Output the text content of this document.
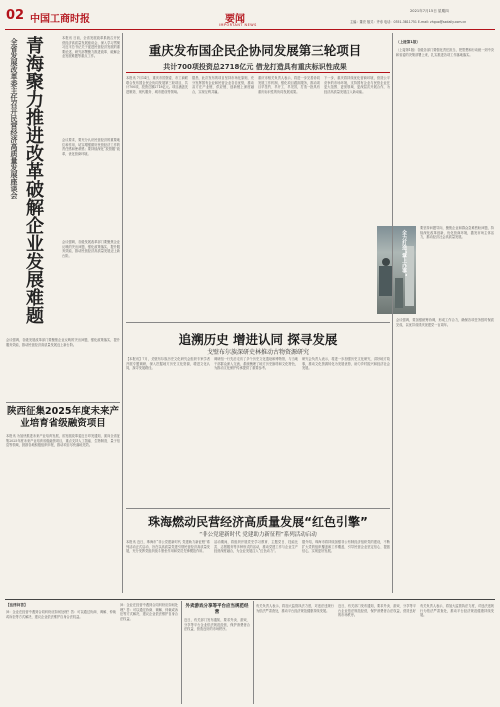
02 中国工商时报	要闻
IMPORTANT NEWS
2021年7月15日 星期四
主编：董亮 版式：齐寿 电话：0351-3811751 E-mail: zhguo@sxdaily.com.cn
全省发展改革委主任召开民营经济高质量发展座谈会 青海聚力推进改革破解企业发展难题	本报讯 日前，全省发展改革系统召开民营经济高质量发展座谈会，深入学习贯彻习近平总书记关于促进民营经济发展的重要论述，研究部署聚力推进改革、破解企业发展难题等重点工作。
会议要求，要充分认识民营经济的重要地位和作用，切实增强做好民营经济工作的责任感和使命感；要持续深化“放管服”改革，优化营商环境。
会议强调，各级发展改革部门要聚焦企业反映的突出问题，强化政策落实，提升服务效能，推动民营经济高质量发展迈上新台阶。
会议强调，各级发展改革部门要聚焦企业反映的突出问题，强化政策落实，提升服务效能，推动民营经济高质量发展迈上新台阶。
陕西征集2025年度未来产业培育省级融资项目
本报讯 为加快推进未来产业培育发展，省发展改革委近日印发通知，面向全省征集2025年度未来产业培育省级融资项目，重点支持人工智能、生物制造、量子信息等领域，鼓励各地积极组织申报，推动项目尽快落地见效。
重庆发布国企民企协同发展第三轮项目
共计700项投资总2718亿元 借龙打造具有重庆标识性成果
本报讯 7月14日，重庆市国资委、市工商联联合发布国企民企协同发展第三轮项目，共计700项，投资总额2718亿元。项目涵盖先进制造、现代服务、城市建设等领域。
据悉，此次发布的项目坚持市场化原则，充分发挥国有企业和民营企业各自优势，推动双方在产业链、供应链、创新链上深度融合，实现互利共赢。
重庆市相关负责人表示，将进一步完善协同发展工作机制，强化项目跟踪服务，推动项目早签约、早开工、早见效，打造一批具有重庆标识性的协同发展成果。
下一步，重庆将持续优化营商环境，营造公平竞争的市场环境，支持国有企业与民营企业在更大范围、更宽领域、更深层次开展合作，为经济高质量发展注入新动能。
全力打造“掌上办事”
（上接第1版）
（上接第1版）各级各部门要强化责任担当，把思想和行动统一到中央和省委的决策部署上来，扎实推进各项工作落地落实。
要坚持问题导向，聚焦企业和群众急难愁盼问题，持续深化改革创新，优化营商环境，激发市场主体活力，推动经济社会高质量发展。
会议强调，要加强统筹协调，形成工作合力，确保各项任务按时保质完成，以优异成绩庆祝建党一百周年。
追溯历史 增进认同 探寻发展
戈壁布尔族深研史林推动古物资源研究
【本报讯】7月，戈壁布尔族历史文化研究会组织专家学者开展专题调研，深入挖掘地方历史文化资源，增进文化认同，探寻发展路径。
调研组一行先后走访了多个历史文化遗址和博物馆，与当地干部群众深入交流，系统梳理了地方历史脉络和文化特色，为推动文化保护传承提供了重要参考。
研究会负责人表示，将进一步加强历史文化研究，讲好地方故事，推动文化资源转化为发展优势，助力乡村振兴和经济社会发展。
珠海燃动民营经济高质量发展“红色引擎”
“非公党建新时代 党建助力新征程”系列活动启动
本报讯 近日，珠海市“非公党建新时代 党建助力新征程”系列活动正式启动，旨在以高质量党建引领民营经济高质量发展，充分发挥党组织战斗堡垒作用和党员先锋模范作用。
活动期间，将组织开展党史学习教育、主题党日、技能比武、志愿服务等多种形式的活动，推动党建工作与企业生产经营深度融合，为企业发展注入“红色动力”。
据介绍，珠海市将持续加强非公有制经济组织党的建设，不断扩大党的组织覆盖和工作覆盖，引导民营企业坚定信心、提振信心，实现更好发展。
【法律问答】
问：企业在经营中遇到合同纠纷应如何处理？答：可以通过协商、调解、仲裁或诉讼等方式解决，建议企业依法维护自身合法权益。
问：企业在经营中遇到合同纠纷应如何处理？答：可以通过协商、调解、仲裁或诉讼等方式解决，建议企业依法维护自身合法权益。
外卖游戏分享等平台应当规范经营
近日，有关部门发布通知，要求外卖、游戏、分享等平台企业依法规范经营，保护消费者合法权益，营造良好的市场秩序。
有关负责人表示，将加大监管执法力度，对违法违规行为依法严肃查处，推动平台经济规范健康持续发展。
近日，有关部门发布通知，要求外卖、游戏、分享等平台企业依法规范经营，保护消费者合法权益，营造良好的市场秩序。
有关负责人表示，将加大监管执法力度，对违法违规行为依法严肃查处，推动平台经济规范健康持续发展。
